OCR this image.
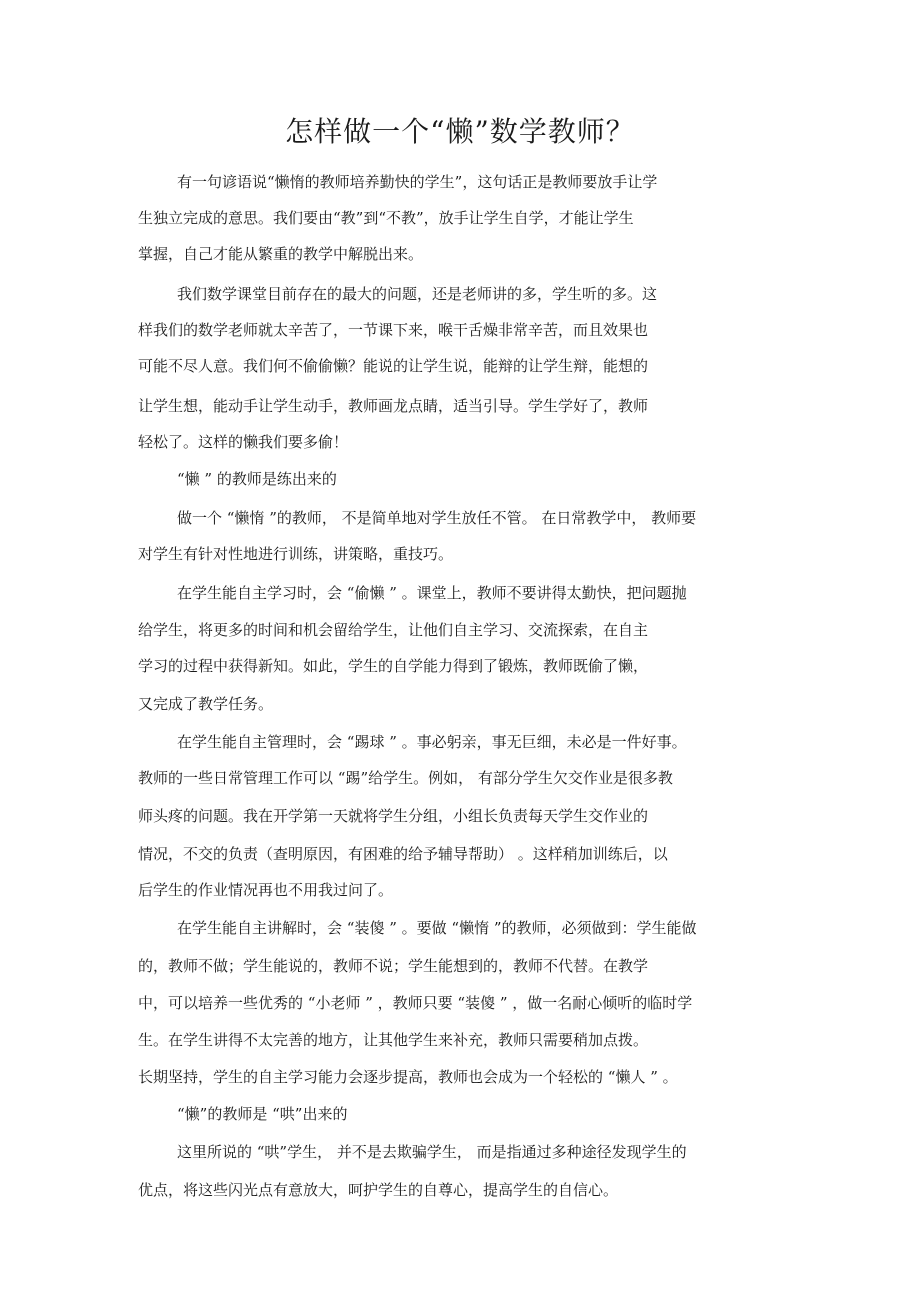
怎样做一个“懒”数学教师？
有一句谚语说“懒惰的教师培养勤快的学生”，这句话正是教师要放手让学
生独立完成的意思。我们要由“教”到“不教”，放手让学生自学，才能让学生
掌握，自己才能从繁重的教学中解脱出来。
我们数学课堂目前存在的最大的问题，还是老师讲的多，学生听的多。这
样我们的数学老师就太辛苦了，一节课下来，喉干舌燥非常辛苦，而且效果也
可能不尽人意。我们何不偷偷懒？能说的让学生说，能辩的让学生辩，能想的
让学生想，能动手让学生动手，教师画龙点睛，适当引导。学生学好了，教师
轻松了。这样的懒我们要多偷！
“懒 ” 的教师是练出来的
做一个 “懒惰 ”的教师， 不是简单地对学生放任不管。 在日常教学中， 教师要
对学生有针对性地进行训练，讲策略，重技巧。
在学生能自主学习时，会 “偷懒 ” 。课堂上，教师不要讲得太勤快，把问题抛
给学生，将更多的时间和机会留给学生，让他们自主学习、交流探索，在自主
学习的过程中获得新知。如此，学生的自学能力得到了锻炼，教师既偷了懒，
又完成了教学任务。
在学生能自主管理时，会 “踢球 ” 。事必躬亲，事无巨细，未必是一件好事。
教师的一些日常管理工作可以 “踢”给学生。例如， 有部分学生欠交作业是很多教
师头疼的问题。我在开学第一天就将学生分组，小组长负责每天学生交作业的
情况，不交的负责（查明原因，有困难的给予辅导帮助） 。这样稍加训练后，以
后学生的作业情况再也不用我过问了。
在学生能自主讲解时，会 “装傻 ” 。要做 “懒惰 ”的教师，必须做到：学生能做
的，教师不做；学生能说的，教师不说；学生能想到的，教师不代替。在教学
中，可以培养一些优秀的 “小老师 ” ，教师只要 “装傻 ” ，做一名耐心倾听的临时学
生。在学生讲得不太完善的地方，让其他学生来补充，教师只需要稍加点拨。
长期坚持，学生的自主学习能力会逐步提高，教师也会成为一个轻松的 “懒人 ” 。
“懒”的教师是 “哄”出来的
这里所说的 “哄”学生， 并不是去欺骗学生， 而是指通过多种途径发现学生的
优点，将这些闪光点有意放大，呵护学生的自尊心，提高学生的自信心。
